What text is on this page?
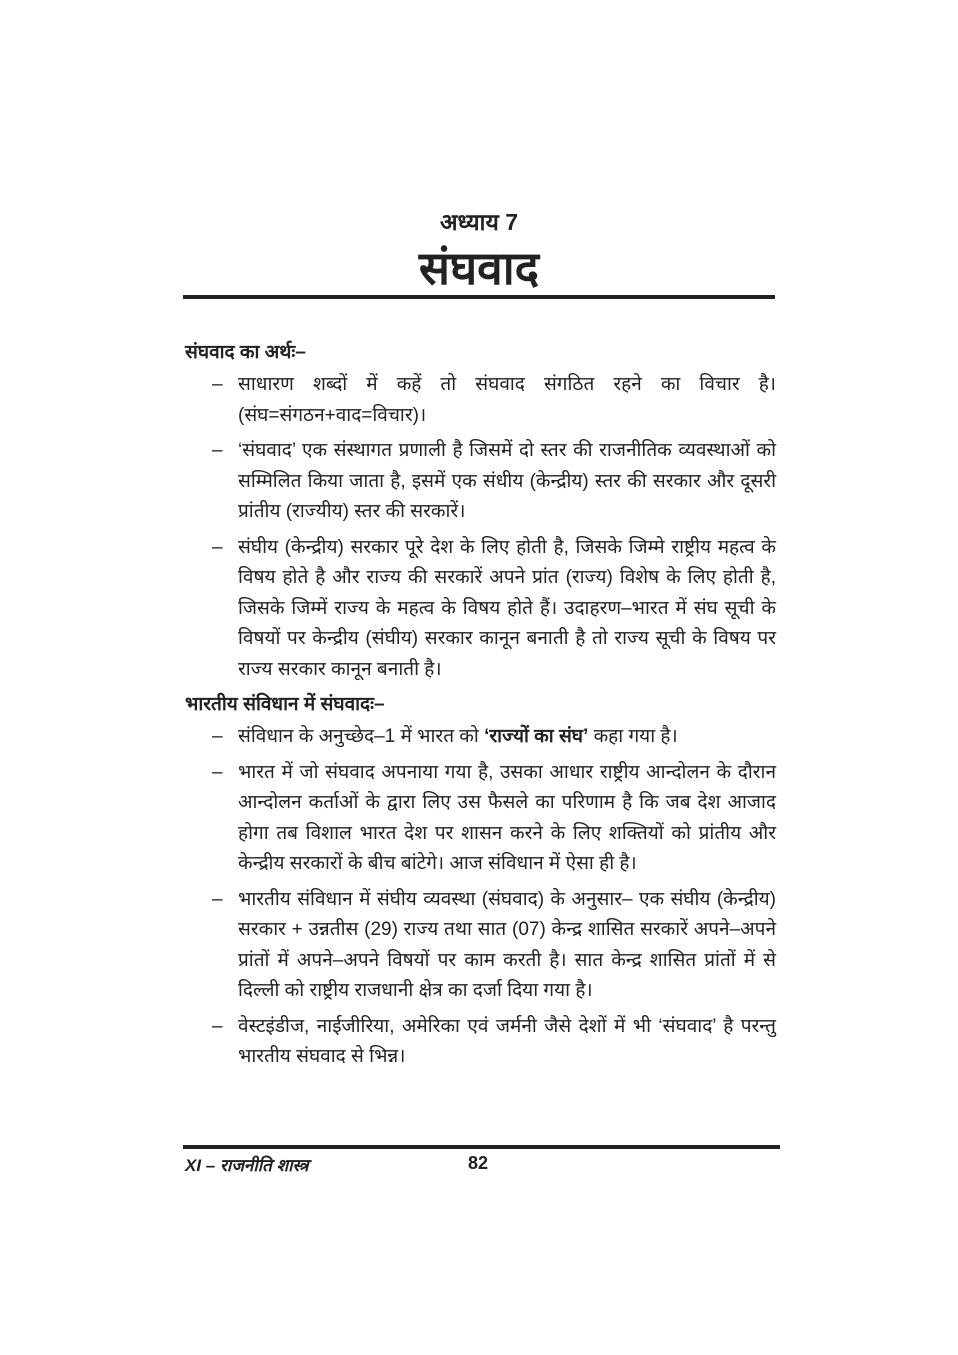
अध्याय 7
संघवाद

संघवाद का अर्थः–

– साधारण शब्दों में कहें तो संघवाद संगठित रहने का विचार है। (संघ=संगठन+वाद=विचार)।
– ‘संघवाद’ एक संस्थागत प्रणाली है जिसमें दो स्तर की राजनीतिक व्यवस्थाओं को सम्मिलित किया जाता है, इसमें एक संधीय (केन्द्रीय) स्तर की सरकार और दूसरी प्रांतीय (राज्यीय) स्तर की सरकारें।
– संघीय (केन्द्रीय) सरकार पूरे देश के लिए होती है, जिसके जिम्मे राष्ट्रीय महत्व के विषय होते है और राज्य की सरकारें अपने प्रांत (राज्य) विशेष के लिए होती है, जिसके जिम्में राज्य के महत्व के विषय होते हैं। उदाहरण–भारत में संघ सूची के विषयों पर केन्द्रीय (संघीय) सरकार कानून बनाती है तो राज्य सूची के विषय पर राज्य सरकार कानून बनाती है।

भारतीय संविधान में संघवादः–

– संविधान के अनुच्छेद–1 में भारत को ‘राज्यों का संघ’ कहा गया है।
– भारत में जो संघवाद अपनाया गया है, उसका आधार राष्ट्रीय आन्दोलन के दौरान आन्दोलन कर्ताओं के द्वारा लिए उस फैसले का परिणाम है कि जब देश आजाद होगा तब विशाल भारत देश पर शासन करने के लिए शक्तियों को प्रांतीय और केन्द्रीय सरकारों के बीच बांटेगे। आज संविधान में ऐसा ही है।
– भारतीय संविधान में संघीय व्यवस्था (संघवाद) के अनुसार– एक संघीय (केन्द्रीय) सरकार + उन्नतीस (29) राज्य तथा सात (07) केन्द्र शासित सरकारें अपने–अपने प्रांतों में अपने–अपने विषयों पर काम करती है। सात केन्द्र शासित प्रांतों में से दिल्ली को राष्ट्रीय राजधानी क्षेत्र का दर्जा दिया गया है।
– वेस्टइंडीज, नाईजीरिया, अमेरिका एवं जर्मनी जैसे देशों में भी ‘संघवाद’ है परन्तु भारतीय संघवाद से भिन्न।
XI – राजनीति शास्त्र	82
